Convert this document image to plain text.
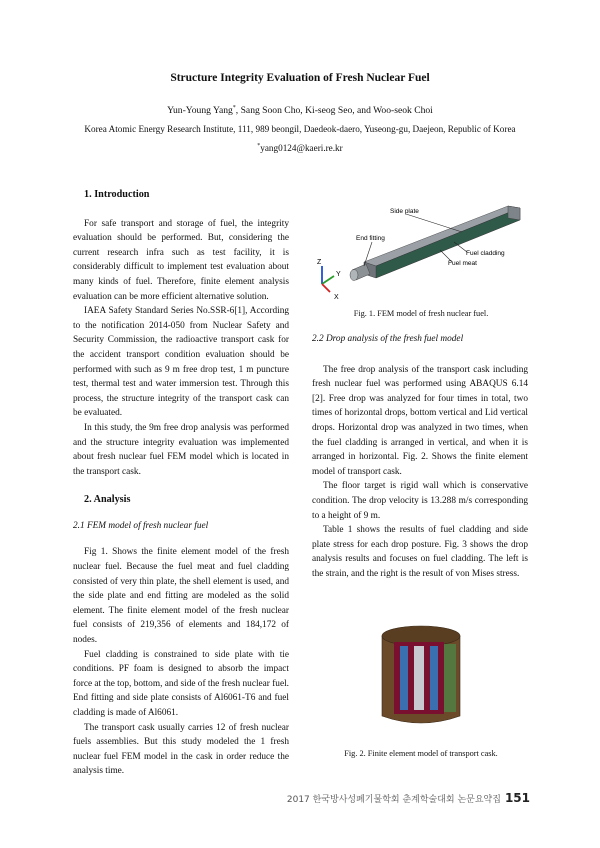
Structure Integrity Evaluation of Fresh Nuclear Fuel
Yun-Young Yang*, Sang Soon Cho, Ki-seog Seo, and Woo-seok Choi
Korea Atomic Energy Research Institute, 111, 989 beongil, Daedeok-daero, Yuseong-gu, Daejeon, Republic of Korea
*yang0124@kaeri.re.kr

1. Introduction

For safe transport and storage of fuel, the integrity evaluation should be performed. But, considering the current research infra such as test facility, it is considerably difficult to implement test evaluation about many kinds of fuel. Therefore, finite element analysis evaluation can be more efficient alternative solution.

IAEA Safety Standard Series No.SSR-6[1], According to the notification 2014-050 from Nuclear Safety and Security Commission, the radioactive transport cask for the accident transport condition evaluation should be performed with such as 9 m free drop test, 1 m puncture test, thermal test and water immersion test. Through this process, the structure integrity of the transport cask can be evaluated.

In this study, the 9m free drop analysis was performed and the structure integrity evaluation was implemented about fresh nuclear fuel FEM model which is located in the transport cask.

2. Analysis

2.1 FEM model of fresh nuclear fuel

Fig 1. Shows the finite element model of the fresh nuclear fuel. Because the fuel meat and fuel cladding consisted of very thin plate, the shell element is used, and the side plate and end fitting are modeled as the solid element. The finite element model of the fresh nuclear fuel consists of 219,356 of elements and 184,172 of nodes.

Fuel cladding is constrained to side plate with tie conditions. PF foam is designed to absorb the impact force at the top, bottom, and side of the fresh nuclear fuel. End fitting and side plate consists of Al6061-T6 and fuel cladding is made of Al6061.

The transport cask usually carries 12 of fresh nuclear fuels assemblies. But this study modeled the 1 fresh nuclear fuel FEM model in the cask in order reduce the analysis time.

Side plate
End fitting
Fuel cladding
Fuel meat
Z
Y
X
Fig. 1. FEM model of fresh nuclear fuel.

2.2 Drop analysis of the fresh fuel model

The free drop analysis of the transport cask including fresh nuclear fuel was performed using ABAQUS 6.14 [2]. Free drop was analyzed for four times in total, two times of horizontal drops, bottom vertical and Lid vertical drops. Horizontal drop was analyzed in two times, when the fuel cladding is arranged in vertical, and when it is arranged in horizontal. Fig. 2. Shows the finite element model of transport cask.

The floor target is rigid wall which is conservative condition. The drop velocity is 13.288 m/s corresponding to a height of 9 m.

Table 1 shows the results of fuel cladding and side plate stress for each drop posture. Fig. 3 shows the drop analysis results and focuses on fuel cladding. The left is the strain, and the right is the result of von Mises stress.

Fig. 2. Finite element model of transport cask.
2017 한국방사성폐기물학회 춘계학술대회 논문요약집 151
